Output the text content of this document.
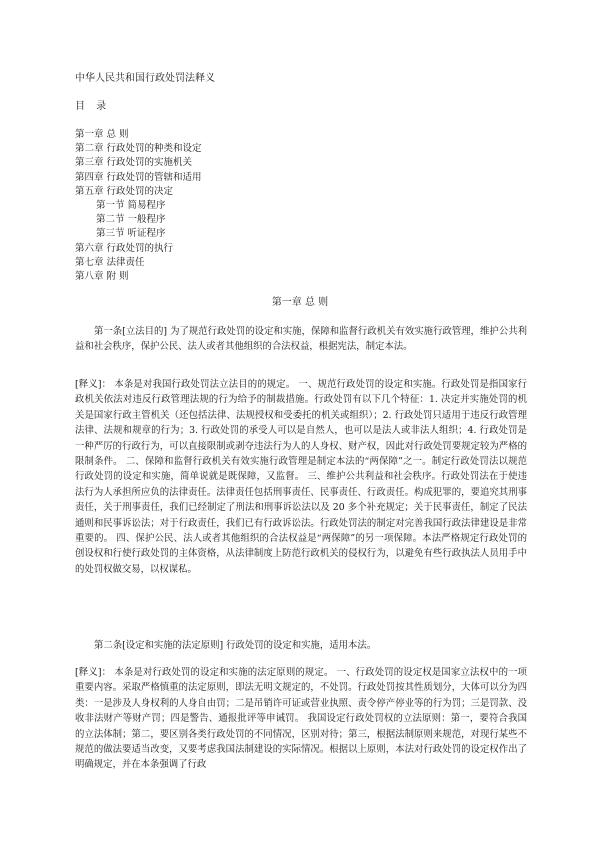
中华人民共和国行政处罚法释义
目 录
第一章 总 则
第二章 行政处罚的种类和设定
第三章 行政处罚的实施机关
第四章 行政处罚的管辖和适用
第五章 行政处罚的决定
第一节 简易程序
第二节 一般程序
第三节 听证程序
第六章 行政处罚的执行
第七章 法律责任
第八章 附 则
第一章 总 则

第一条[立法目的] 为了规范行政处罚的设定和实施，保障和监督行政机关有效实施行政管理，维护公共利益和社会秩序，保护公民、法人或者其他组织的合法权益，根据宪法，制定本法。

[释义]： 本条是对我国行政处罚法立法目的的规定。 一、规范行政处罚的设定和实施。行政处罚是指国家行政机关依法对违反行政管理法规的行为给予的制裁措施。行政处罚有以下几个特征：1. 决定并实施处罚的机关是国家行政主管机关（还包括法律、法规授权和受委托的机关或组织）；2. 行政处罚只适用于违反行政管理法律、法规和规章的行为；3. 行政处罚的承受人可以是自然人，也可以是法人或非法人组织；4. 行政处罚是一种严厉的行政行为，可以直接限制或剥夺违法行为人的人身权、财产权，因此对行政处罚要规定较为严格的限制条件。 二、保障和监督行政机关有效实施行政管理是制定本法的“两保障”之一。制定行政处罚法以规范行政处罚的设定和实施，简单说就是既保障，又监督。 三、维护公共利益和社会秩序。行政处罚法在于使违法行为人承担所应负的法律责任。法律责任包括刑事责任、民事责任、行政责任。构成犯罪的，要追究其刑事责任，关于刑事责任，我们已经制定了刑法和刑事诉讼法以及 20 多个补充规定；关于民事责任，制定了民法通则和民事诉讼法；对于行政责任，我们已有行政诉讼法。行政处罚法的制定对完善我国行政法律建设是非常重要的。 四、保护公民、法人或者其他组织的合法权益是“两保障”的另一项保障。本法严格规定行政处罚的创设权和行使行政处罚的主体资格，从法律制度上防范行政机关的侵权行为，以避免有些行政执法人员用手中的处罚权做交易，以权谋私。

第二条[设定和实施的法定原则] 行政处罚的设定和实施，适用本法。

[释义]： 本条是对行政处罚的设定和实施的法定原则的规定。 一、行政处罚的设定权是国家立法权中的一项重要内容。采取严格慎重的法定原则，即法无明文规定的，不处罚。行政处罚按其性质划分，大体可以分为四类：一是涉及人身权利的人身自由罚；二是吊销许可证或营业执照、责令停产停业等的行为罚；三是罚款、没收非法财产等财产罚；四是警告、通报批评等申诫罚。 我国设定行政处罚权的立法原则：第一，要符合我国的立法体制；第二，要区别各类行政处罚的不同情况，区别对待；第三，根据法制原则来规范，对现行某些不规范的做法要适当改变，又要考虑我国法制建设的实际情况。根据以上原则，本法对行政处罚的设定权作出了明确规定，并在本条强调了行政
